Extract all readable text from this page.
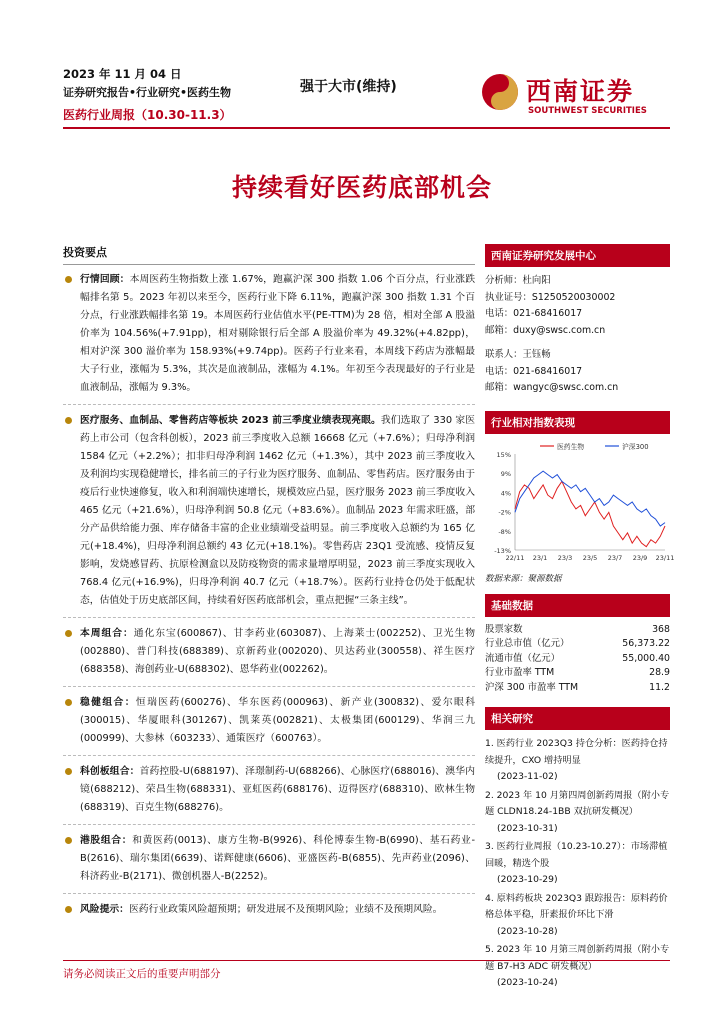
2023 年 11 月 04 日
证券研究报告•行业研究•医药生物
医药行业周报（10.30-11.3）
强于大市(维持)	西南证券
SOUTHWEST SECURITIES
持续看好医药底部机会
投资要点
行情回顾：本周医药生物指数上涨 1.67%，跑赢沪深 300 指数 1.06 个百分点，行业涨跌幅排名第 5。2023 年初以来至今，医药行业下降 6.11%，跑赢沪深 300 指数 1.31 个百分点，行业涨跌幅排名第 19。本周医药行业估值水平(PE-TTM)为 28 倍，相对全部 A 股溢价率为 104.56%(+7.91pp)，相对剔除银行后全部 A 股溢价率为 49.32%(+4.82pp)，相对沪深 300 溢价率为 158.93%(+9.74pp)。医药子行业来看，本周线下药店为涨幅最大子行业，涨幅为 5.3%，其次是血液制品，涨幅为 4.1%。年初至今表现最好的子行业是血液制品，涨幅为 9.3%。
医疗服务、血制品、零售药店等板块 2023 前三季度业绩表现亮眼。我们选取了 330 家医药上市公司（包含科创板），2023 前三季度收入总额 16668 亿元（+7.6%）；归母净利润 1584 亿元（+2.2%）；扣非归母净利润 1462 亿元（+1.3%），其中 2023 前三季度收入及利润均实现稳健增长，排名前三的子行业为医疗服务、血制品、零售药店。医疗服务由于疫后行业快速修复，收入和利润端快速增长，规模效应凸显，医疗服务 2023 前三季度收入 465 亿元（+21.6%），归母净利润 50.8 亿元（+83.6%）。血制品 2023 年需求旺盛，部分产品供给能力强、库存储备丰富的企业业绩端受益明显。前三季度收入总额约为 165 亿元(+18.4%)，归母净利润总额约 43 亿元(+18.1%)。零售药店 23Q1 受流感、疫情反复影响，发烧感冒药、抗原检测盒以及防疫物资的需求量增厚明显，2023 前三季度实现收入 768.4 亿元(+16.9%)，归母净利润 40.7 亿元（+18.7%）。医药行业持仓仍处于低配状态，估值处于历史底部区间，持续看好医药底部机会，重点把握“三条主线”。
本周组合：通化东宝(600867)、甘李药业(603087)、上海莱士(002252)、卫光生物(002880)、普门科技(688389)、京新药业(002020)、贝达药业(300558)、祥生医疗(688358)、海创药业-U(688302)、恩华药业(002262)。
稳健组合：恒瑞医药(600276)、华东医药(000963)、新产业(300832)、爱尔眼科(300015)、华厦眼科(301267)、凯莱英(002821)、太极集团(600129)、华润三九(000999)、大参林（603233）、通策医疗（600763）。
科创板组合：首药控股-U(688197)、泽璟制药-U(688266)、心脉医疗(688016)、澳华内镜(688212)、荣昌生物(688331)、亚虹医药(688176)、迈得医疗(688310)、欧林生物(688319)、百克生物(688276)。
港股组合：和黄医药(0013)、康方生物-B(9926)、科伦博泰生物-B(6990)、基石药业-B(2616)、瑞尔集团(6639)、诺辉健康(6606)、亚盛医药-B(6855)、先声药业(2096)、科济药业-B(2171)、微创机器人-B(2252)。
风险提示：医药行业政策风险超预期；研发进展不及预期风险；业绩不及预期风险。
西南证券研究发展中心
分析师：杜向阳
执业证号：S1250520030002
电话：021-68416017
邮箱：duxy@swsc.com.cn
联系人：王钰畅
电话：021-68416017
邮箱：wangyc@swsc.com.cn
行业相对指数表现
15%
9%
4%
-2%
-8%
-13%
22/11 23/1 23/3 23/5 23/7 23/9 23/11
医药生物	沪深300
数据来源：聚源数据
基础数据
股票家数	368
行业总市值（亿元）	56,373.22
流通市值（亿元）	55,000.40
行业市盈率 TTM	28.9
沪深 300 市盈率 TTM	11.2
相关研究
1. 医药行业 2023Q3 持仓分析：医药持仓持续提升，CXO 增持明显
(2023-11-02)
2. 2023 年 10 月第四周创新药周报（附小专题 CLDN18.24-1BB 双抗研发概况）
(2023-10-31)
3. 医药行业周报（10.23-10.27）：市场滞植回暖，精选个股
(2023-10-29)
4. 原料药板块 2023Q3 跟踪报告：原料药价格总体平稳，肝素报价环比下滑
(2023-10-28)
5. 2023 年 10 月第三周创新药周报（附小专题 B7-H3 ADC 研发概况）
(2023-10-24)
请务必阅读正文后的重要声明部分
